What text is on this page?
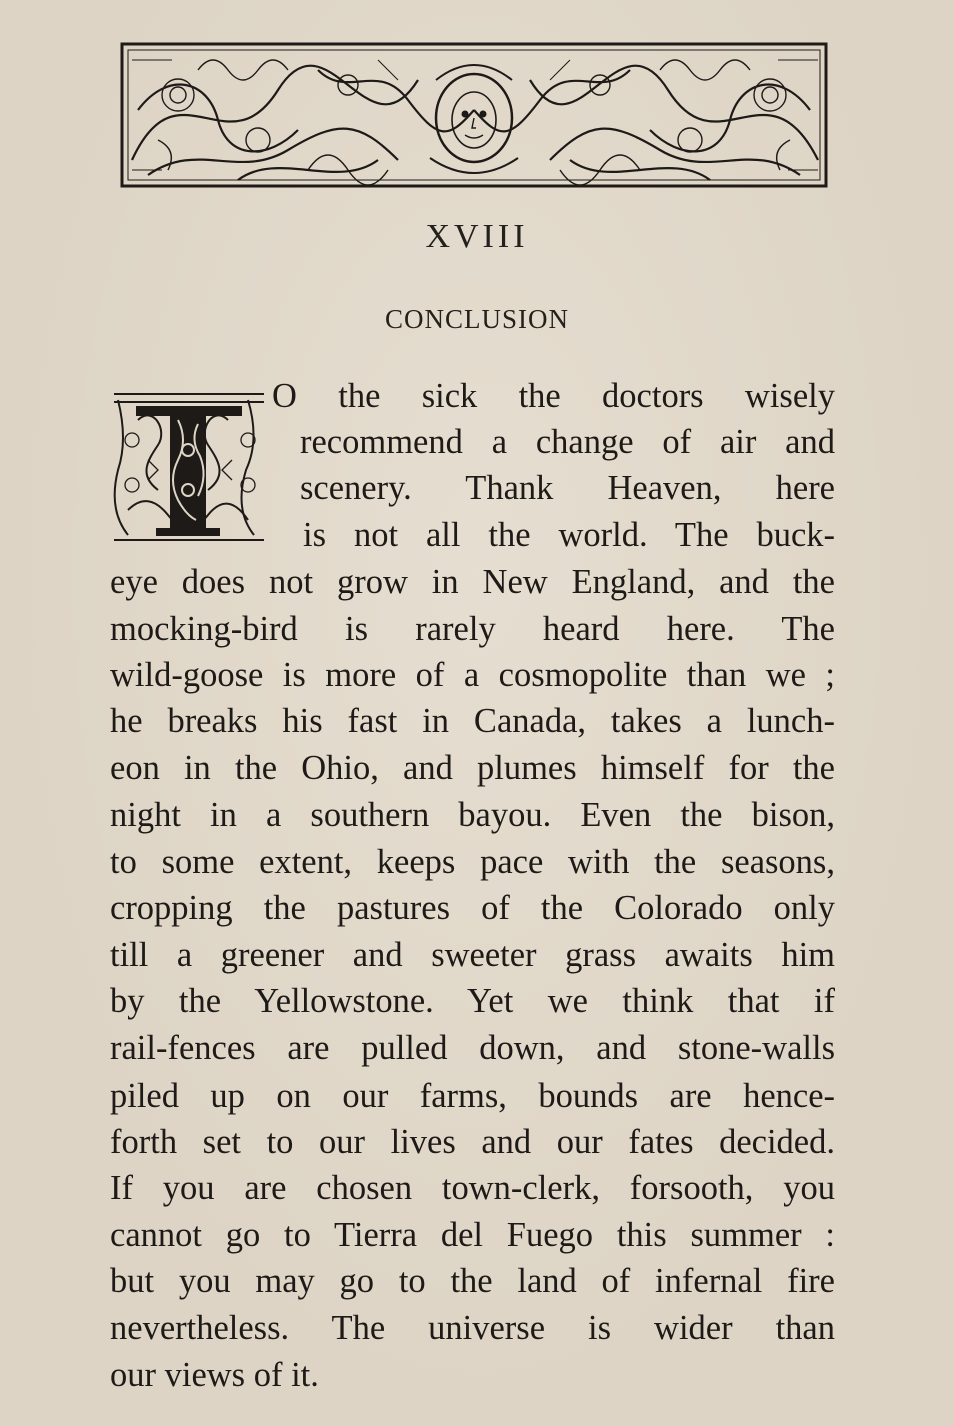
XVIII
CONCLUSION
O the sick the doctors wisely
recommend a change of air and
scenery. Thank Heaven, here
is not all the world. The buck-
eye does not grow in New England, and the
mocking-bird is rarely heard here. The
wild-goose is more of a cosmopolite than we ;
he breaks his fast in Canada, takes a lunch-
eon in the Ohio, and plumes himself for the
night in a southern bayou. Even the bison,
to some extent, keeps pace with the seasons,
cropping the pastures of the Colorado only
till a greener and sweeter grass awaits him
by the Yellowstone. Yet we think that if
rail-fences are pulled down, and stone-walls
piled up on our farms, bounds are hence-
forth set to our lives and our fates decided.
If you are chosen town-clerk, forsooth, you
cannot go to Tierra del Fuego this summer :
but you may go to the land of infernal fire
nevertheless. The universe is wider than
our views of it.
